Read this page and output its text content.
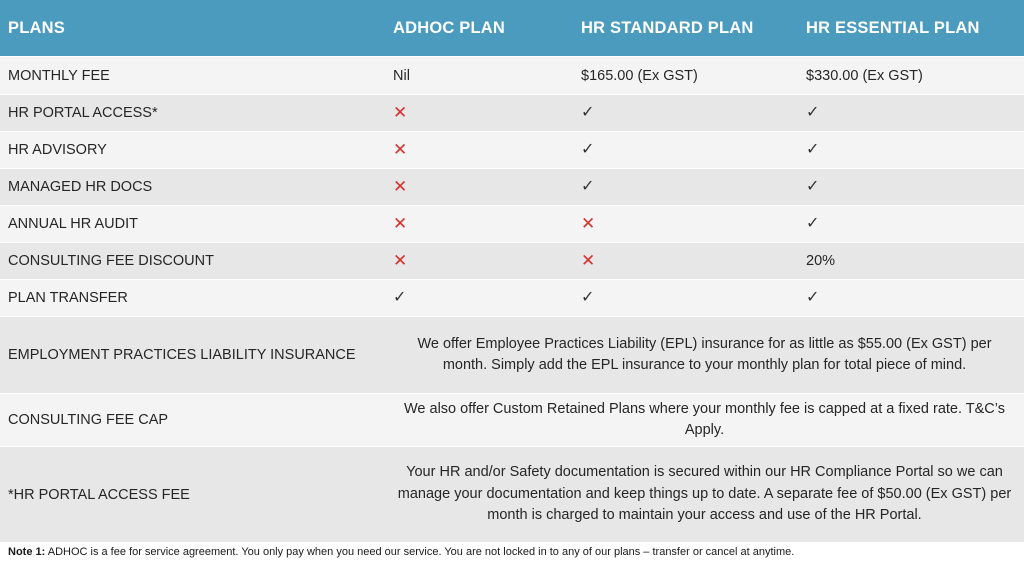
PLANS	ADHOC PLAN	HR STANDARD PLAN	HR ESSENTIAL PLAN
MONTHLY FEE	Nil	$165.00 (Ex GST)	$330.00 (Ex GST)
HR PORTAL ACCESS*	✕	✓	✓
HR ADVISORY	✕	✓	✓
MANAGED HR DOCS	✕	✓	✓
ANNUAL HR AUDIT	✕	✕	✓
CONSULTING FEE DISCOUNT	✕	✕	20%
PLAN TRANSFER	✓	✓	✓
EMPLOYMENT PRACTICES LIABILITY INSURANCE	We offer Employee Practices Liability (EPL) insurance for as little as $55.00 (Ex GST) per month. Simply add the EPL insurance to your monthly plan for total piece of mind.		
CONSULTING FEE CAP	We also offer Custom Retained Plans where your monthly fee is capped at a fixed rate. T&C’s Apply.		
*HR PORTAL ACCESS FEE	Your HR and/or Safety documentation is secured within our HR Compliance Portal so we can manage your documentation and keep things up to date. A separate fee of $50.00 (Ex GST) per month is charged to maintain your access and use of the HR Portal.		
Note 1: ADHOC is a fee for service agreement. You only pay when you need our service. You are not locked in to any of our plans – transfer or cancel at anytime.
